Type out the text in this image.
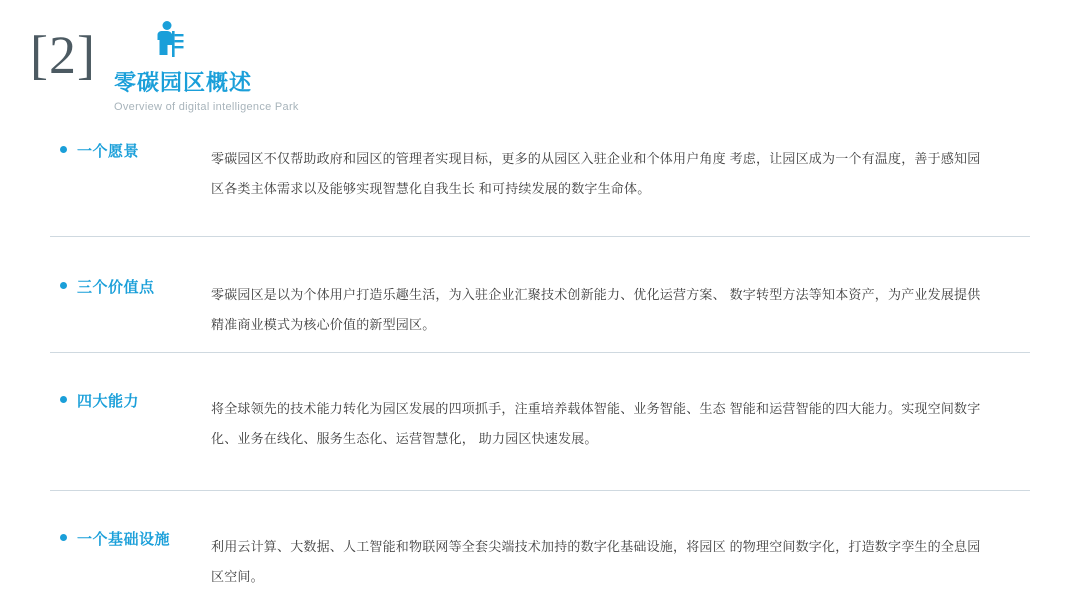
[2] 零碳园区概述
Overview of digital intelligence Park
一个愿景	零碳园区不仅帮助政府和园区的管理者实现目标，更多的从园区入驻企业和个体用户角度 考虑，让园区成为一个有温度，善于感知园区各类主体需求以及能够实现智慧化自我生长 和可持续发展的数字生命体。
三个价值点	零碳园区是以为个体用户打造乐趣生活，为入驻企业汇聚技术创新能力、优化运营方案、 数字转型方法等知本资产，为产业发展提供精准商业模式为核心价值的新型园区。
四大能力	将全球领先的技术能力转化为园区发展的四项抓手，注重培养载体智能、业务智能、生态 智能和运营智能的四大能力。实现空间数字化、业务在线化、服务生态化、运营智慧化， 助力园区快速发展。
一个基础设施	利用云计算、大数据、人工智能和物联网等全套尖端技术加持的数字化基础设施，将园区 的物理空间数字化，打造数字孪生的全息园区空间。
